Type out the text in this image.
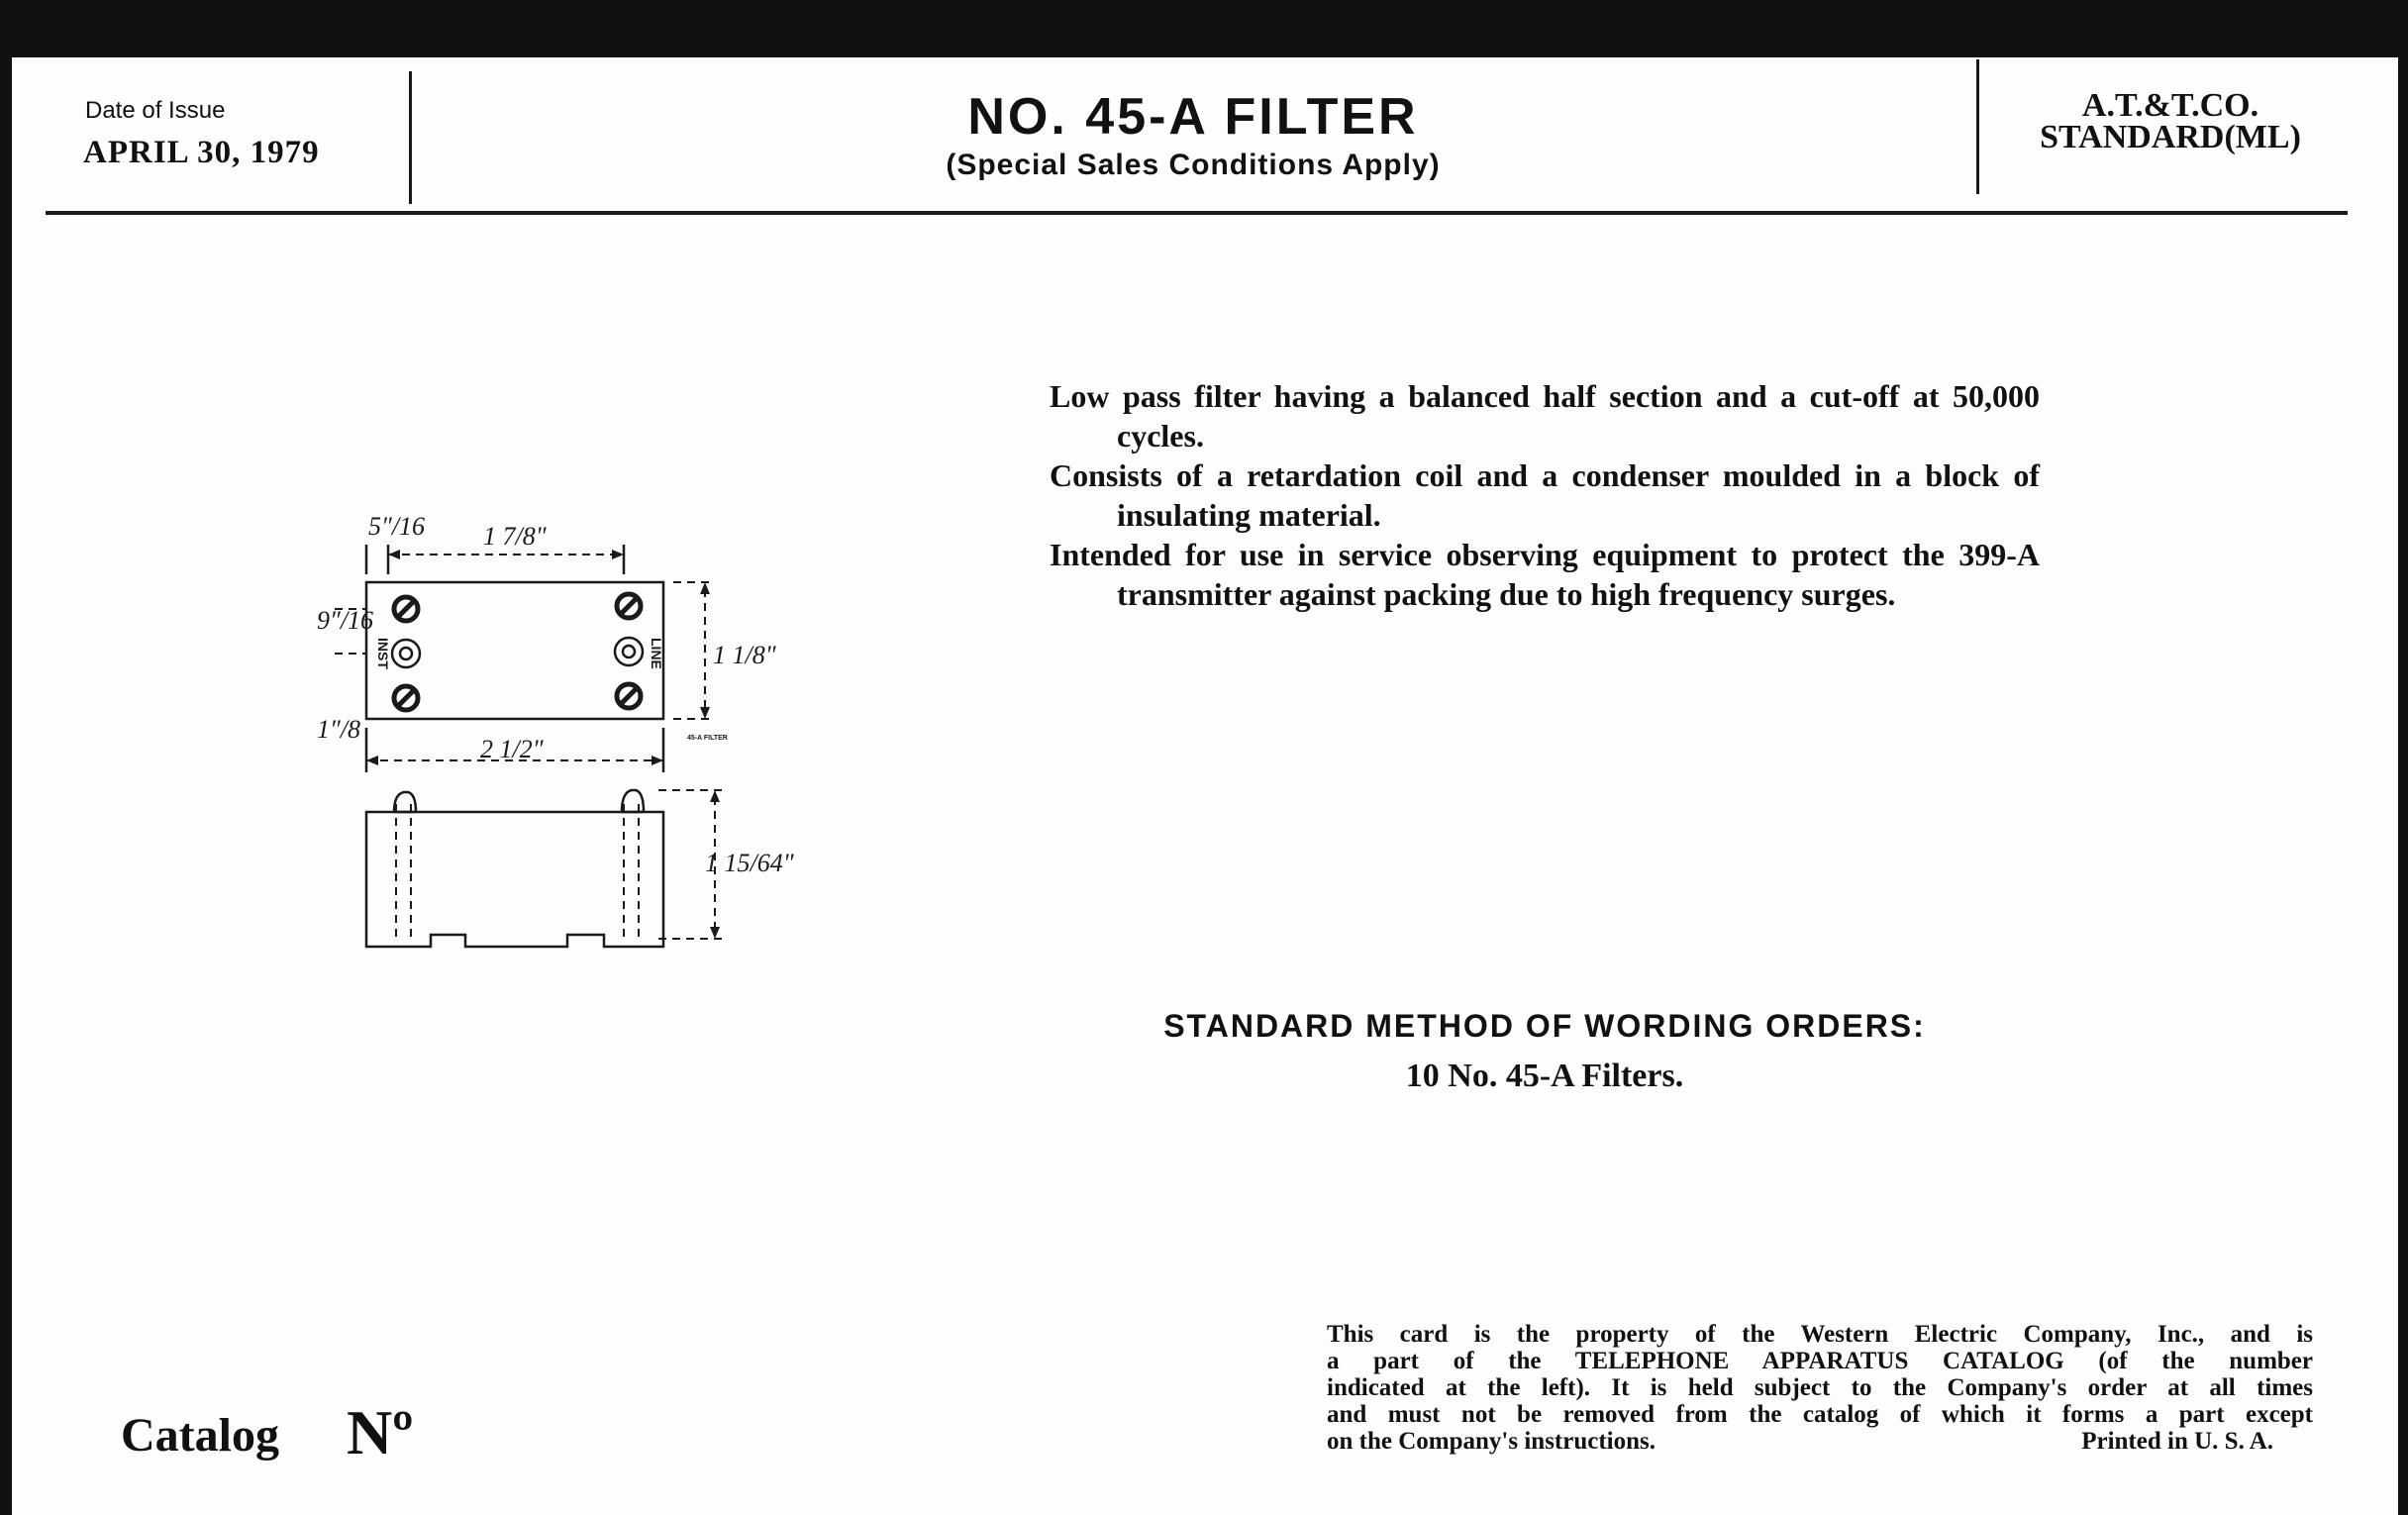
Date of Issue
APRIL 30, 1979
NO. 45-A FILTER
(Special Sales Conditions Apply)
A.T.&T.CO.
STANDARD(ML)

Low pass filter having a balanced half section and a cut-off at 50,000 cycles.

Consists of a retardation coil and a condenser moulded in a block of insulating material.

Intended for use in service observing equipment to protect the 399-A transmitter against packing due to high frequency surges.

5″/16 1 7/8"
9″/16
1 1/8"
1″/8
2 1/2"
1 15/64"
INST	LINE
45-A FILTER
STANDARD METHOD OF WORDING ORDERS:
10 No. 45-A Filters.

This card is the property of the Western Electric Company, Inc., and is

a part of the TELEPHONE APPARATUS CATALOG (of the number

indicated at the left). It is held subject to the Company's order at all times

and must not be removed from the catalog of which it forms a part except

on the Company's instructions.	Printed in U. S. A.

Catalog Nº
